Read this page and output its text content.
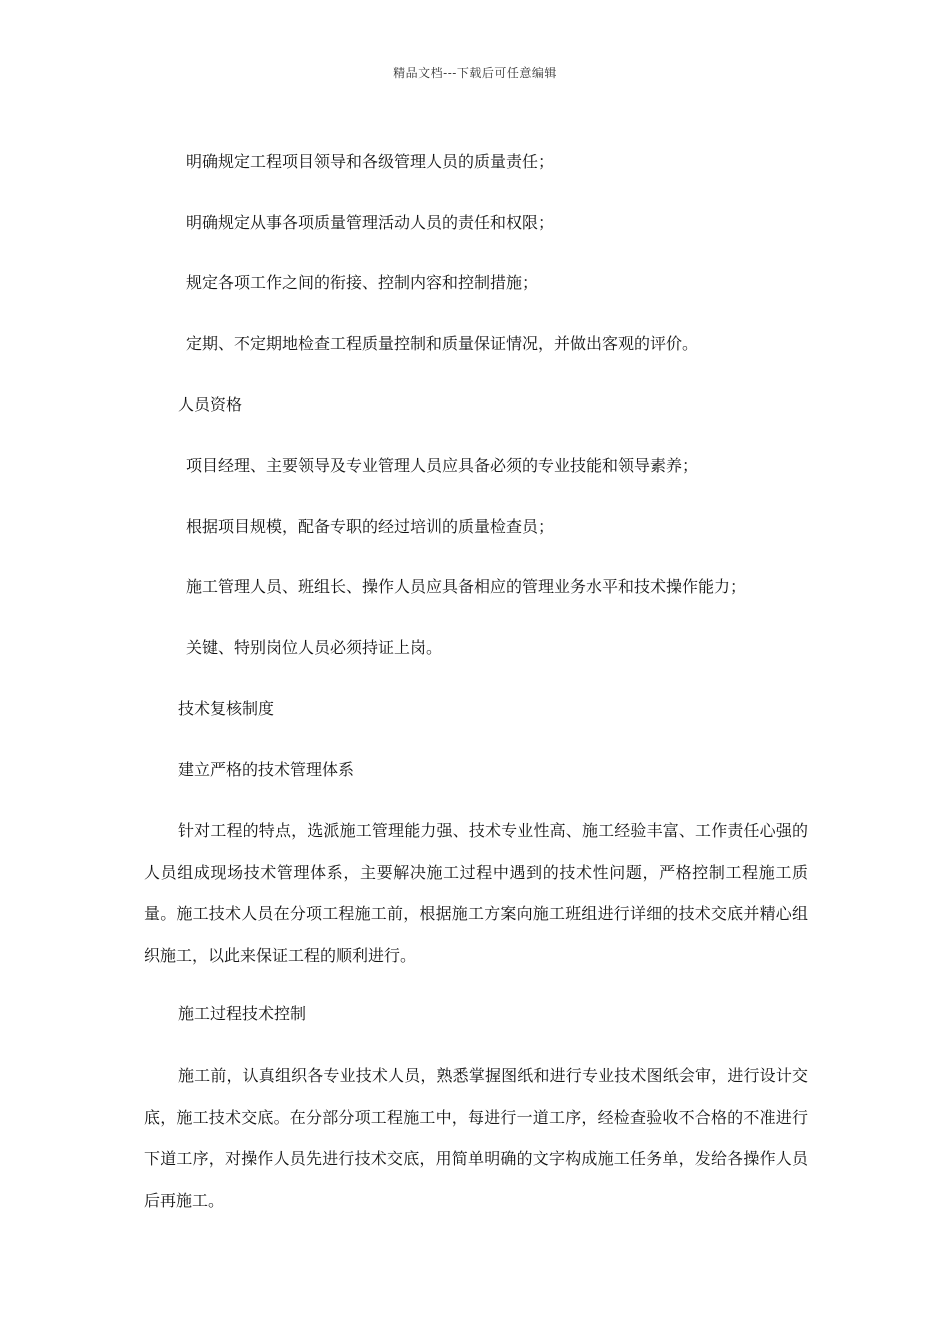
精品文档---下载后可任意编辑

明确规定工程项目领导和各级管理人员的质量责任；

明确规定从事各项质量管理活动人员的责任和权限；

规定各项工作之间的衔接、控制内容和控制措施；

定期、不定期地检查工程质量控制和质量保证情况，并做出客观的评价。

人员资格

项目经理、主要领导及专业管理人员应具备必须的专业技能和领导素养；

根据项目规模，配备专职的经过培训的质量检查员；

施工管理人员、班组长、操作人员应具备相应的管理业务水平和技术操作能力；

关键、特别岗位人员必须持证上岗。

技术复核制度

建立严格的技术管理体系

针对工程的特点，选派施工管理能力强、技术专业性高、施工经验丰富、工作责任心强的人员组成现场技术管理体系，主要解决施工过程中遇到的技术性问题，严格控制工程施工质量。施工技术人员在分项工程施工前，根据施工方案向施工班组进行详细的技术交底并精心组织施工，以此来保证工程的顺利进行。

施工过程技术控制

施工前，认真组织各专业技术人员，熟悉掌握图纸和进行专业技术图纸会审，进行设计交底，施工技术交底。在分部分项工程施工中，每进行一道工序，经检查验收不合格的不准进行下道工序，对操作人员先进行技术交底，用简单明确的文字构成施工任务单，发给各操作人员后再施工。
